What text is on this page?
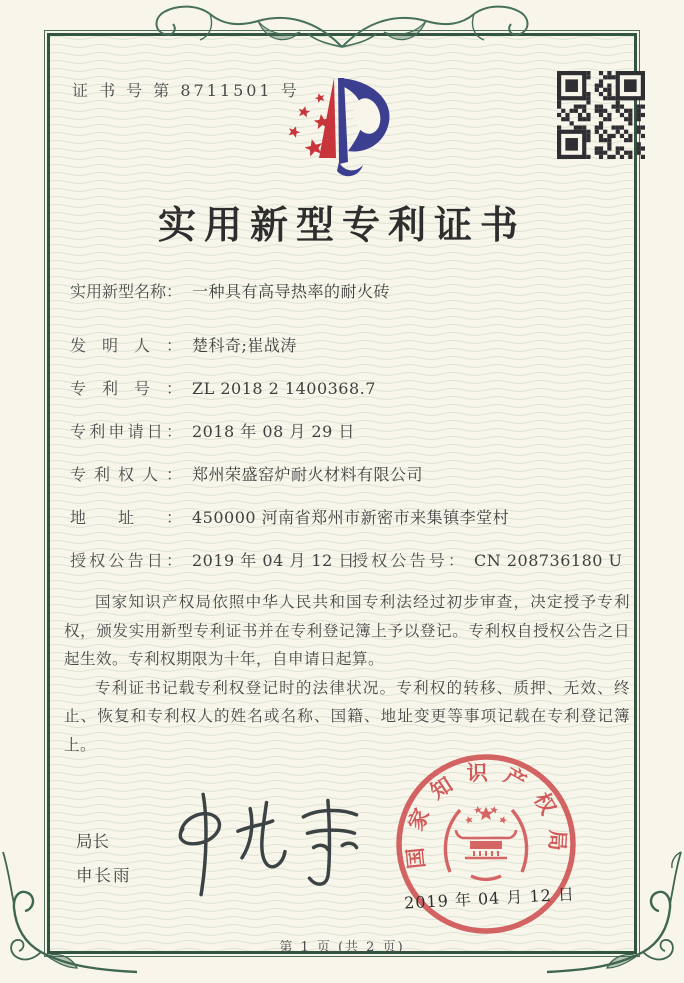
证 书 号 第 8711501 号
实用新型专利证书
实用新型名称： 一种具有高导热率的耐火砖
发明人： 楚科奇;崔战涛
专利号： ZL 2018 2 1400368.7
专利申请日： 2018 年 08 月 29 日
专利权人： 郑州荣盛窑炉耐火材料有限公司
地址： 450000 河南省郑州市新密市来集镇李堂村
授权公告日： 2019 年 04 月 12 日
授权公告号： CN 208736180 U

国家知识产权局依照中华人民共和国专利法经过初步审查，决定授予专利权，颁发实用新型专利证书并在专利登记簿上予以登记。专利权自授权公告之日起生效。专利权期限为十年，自申请日起算。

专利证书记载专利权登记时的法律状况。专利权的转移、质押、无效、终止、恢复和专利权人的姓名或名称、国籍、地址变更等事项记载在专利登记簿上。

局长
申长雨
国家知识产权局
2019 年 04 月 12 日
第 1 页 (共 2 页)
